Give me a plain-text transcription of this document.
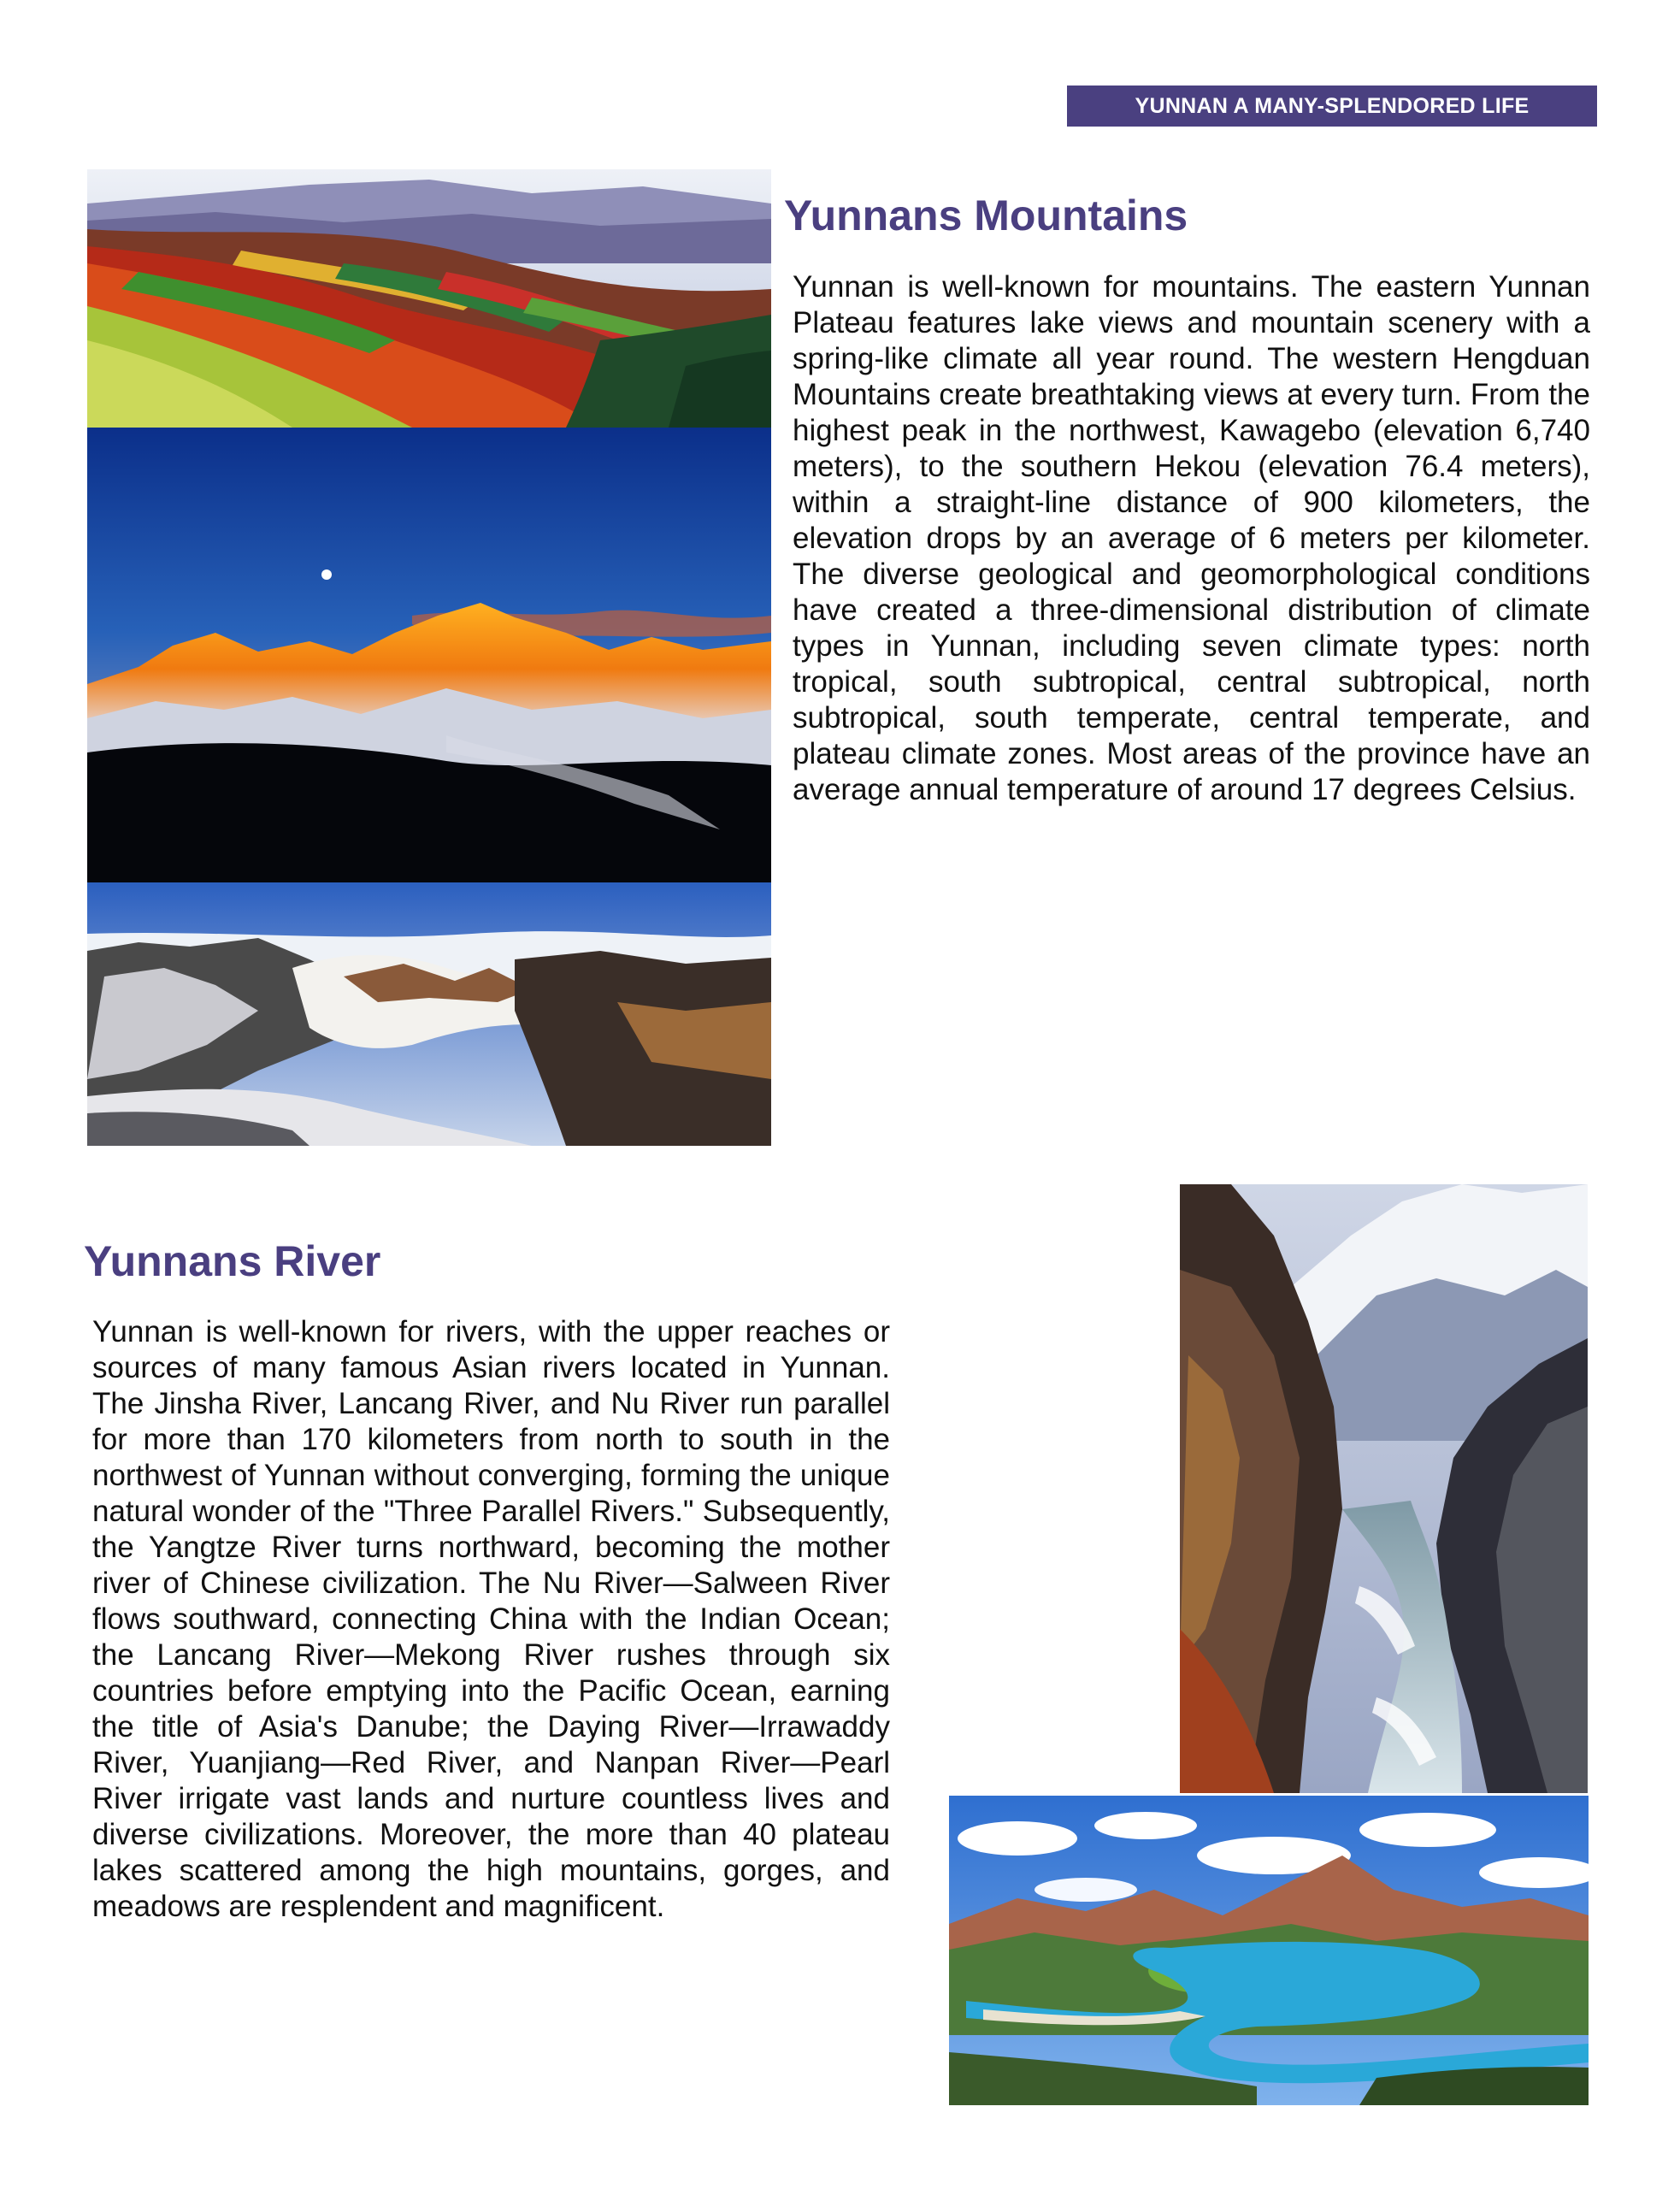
YUNNAN A MANY-SPLENDORED LIFE
Yunnans Mountains

Yunnan is well-known for mountains. The eastern Yunnan Plateau features lake views and mountain scenery with a spring-like climate all year round. The western Hengduan Mountains create breathtaking views at every turn. From the highest peak in the northwest, Kawagebo (elevation 6,740 meters), to the southern Hekou (elevation 76.4 meters), within a straight-line distance of 900 kilometers, the elevation drops by an average of 6 meters per kilometer. The diverse geological and geomorphological conditions have created a three-dimensional distribution of climate types in Yunnan, including seven climate types: north tropical, south subtropical, central subtropical, north subtropical, south temperate, central temperate, and plateau climate zones. Most areas of the province have an average annual temperature of around 17 degrees Celsius.

Yunnans River

Yunnan is well-known for rivers, with the upper reaches or sources of many famous Asian rivers located in Yunnan. The Jinsha River, Lancang River, and Nu River run parallel for more than 170 kilometers from north to south in the northwest of Yunnan without converging, forming the unique natural wonder of the "Three Parallel Rivers." Subsequently, the Yangtze River turns northward, becoming the mother river of Chinese civilization. The Nu River—Salween River flows southward, connecting China with the Indian Ocean; the Lancang River—Mekong River rushes through six countries before emptying into the Pacific Ocean, earning the title of Asia's Danube; the Daying River—Irrawaddy River, Yuanjiang—Red River, and Nanpan River—Pearl River irrigate vast lands and nurture countless lives and diverse civilizations. Moreover, the more than 40 plateau lakes scattered among the high mountains, gorges, and meadows are resplendent and magnificent.
